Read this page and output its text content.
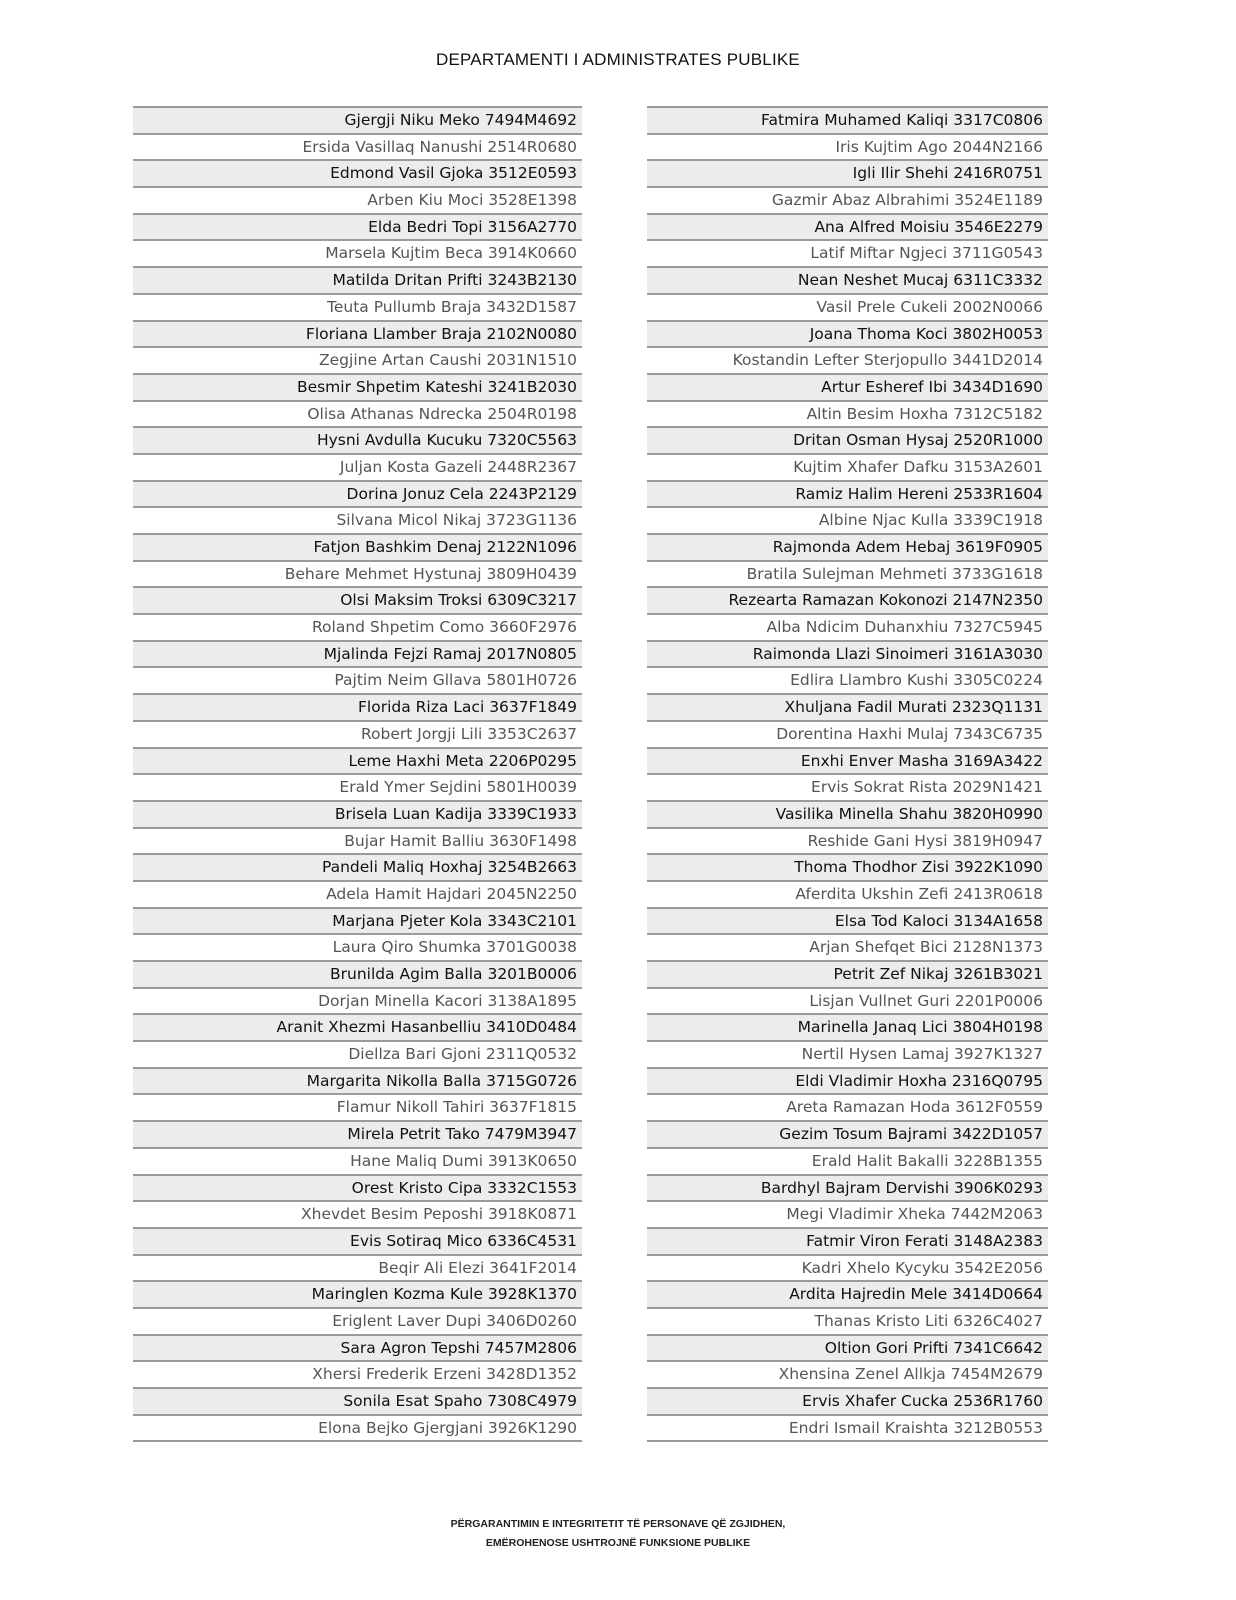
DEPARTAMENTI I ADMINISTRATES PUBLIKE
Gjergji Niku Meko 7494M4692
Ersida Vasillaq Nanushi 2514R0680
Edmond Vasil Gjoka 3512E0593
Arben Kiu Moci 3528E1398
Elda Bedri Topi 3156A2770
Marsela Kujtim Beca 3914K0660
Matilda Dritan Prifti 3243B2130
Teuta Pullumb Braja 3432D1587
Floriana Llamber Braja 2102N0080
Zegjine Artan Caushi 2031N1510
Besmir Shpetim Kateshi 3241B2030
Olisa Athanas Ndrecka 2504R0198
Hysni Avdulla Kucuku 7320C5563
Juljan Kosta Gazeli 2448R2367
Dorina Jonuz Cela 2243P2129
Silvana Micol Nikaj 3723G1136
Fatjon Bashkim Denaj 2122N1096
Behare Mehmet Hystunaj 3809H0439
Olsi Maksim Troksi 6309C3217
Roland Shpetim Como 3660F2976
Mjalinda Fejzi Ramaj 2017N0805
Pajtim Neim Gllava 5801H0726
Florida Riza Laci 3637F1849
Robert Jorgji Lili 3353C2637
Leme Haxhi Meta 2206P0295
Erald Ymer Sejdini 5801H0039
Brisela Luan Kadija 3339C1933
Bujar Hamit Balliu 3630F1498
Pandeli Maliq Hoxhaj 3254B2663
Adela Hamit Hajdari 2045N2250
Marjana Pjeter Kola 3343C2101
Laura Qiro Shumka 3701G0038
Brunilda Agim Balla 3201B0006
Dorjan Minella Kacori 3138A1895
Aranit Xhezmi Hasanbelliu 3410D0484
Diellza Bari Gjoni 2311Q0532
Margarita Nikolla Balla 3715G0726
Flamur Nikoll Tahiri 3637F1815
Mirela Petrit Tako 7479M3947
Hane Maliq Dumi 3913K0650
Orest Kristo Cipa 3332C1553
Xhevdet Besim Peposhi 3918K0871
Evis Sotiraq Mico 6336C4531
Beqir Ali Elezi 3641F2014
Maringlen Kozma Kule 3928K1370
Eriglent Laver Dupi 3406D0260
Sara Agron Tepshi 7457M2806
Xhersi Frederik Erzeni 3428D1352
Sonila Esat Spaho 7308C4979
Elona Bejko Gjergjani 3926K1290
Fatmira Muhamed Kaliqi 3317C0806
Iris Kujtim Ago 2044N2166
Igli Ilir Shehi 2416R0751
Gazmir Abaz Albrahimi 3524E1189
Ana Alfred Moisiu 3546E2279
Latif Miftar Ngjeci 3711G0543
Nean Neshet Mucaj 6311C3332
Vasil Prele Cukeli 2002N0066
Joana Thoma Koci 3802H0053
Kostandin Lefter Sterjopullo 3441D2014
Artur Esheref Ibi 3434D1690
Altin Besim Hoxha 7312C5182
Dritan Osman Hysaj 2520R1000
Kujtim Xhafer Dafku 3153A2601
Ramiz Halim Hereni 2533R1604
Albine Njac Kulla 3339C1918
Rajmonda Adem Hebaj 3619F0905
Bratila Sulejman Mehmeti 3733G1618
Rezearta Ramazan Kokonozi 2147N2350
Alba Ndicim Duhanxhiu 7327C5945
Raimonda Llazi Sinoimeri 3161A3030
Edlira Llambro Kushi 3305C0224
Xhuljana Fadil Murati 2323Q1131
Dorentina Haxhi Mulaj 7343C6735
Enxhi Enver Masha 3169A3422
Ervis Sokrat Rista 2029N1421
Vasilika Minella Shahu 3820H0990
Reshide Gani Hysi 3819H0947
Thoma Thodhor Zisi 3922K1090
Aferdita Ukshin Zefi 2413R0618
Elsa Tod Kaloci 3134A1658
Arjan Shefqet Bici 2128N1373
Petrit Zef Nikaj 3261B3021
Lisjan Vullnet Guri 2201P0006
Marinella Janaq Lici 3804H0198
Nertil Hysen Lamaj 3927K1327
Eldi Vladimir Hoxha 2316Q0795
Areta Ramazan Hoda 3612F0559
Gezim Tosum Bajrami 3422D1057
Erald Halit Bakalli 3228B1355
Bardhyl Bajram Dervishi 3906K0293
Megi Vladimir Xheka 7442M2063
Fatmir Viron Ferati 3148A2383
Kadri Xhelo Kycyku 3542E2056
Ardita Hajredin Mele 3414D0664
Thanas Kristo Liti 6326C4027
Oltion Gori Prifti 7341C6642
Xhensina Zenel Allkja 7454M2679
Ervis Xhafer Cucka 2536R1760
Endri Ismail Kraishta 3212B0553
PËRGARANTIMIN E INTEGRITETIT TË PERSONAVE QË ZGJIDHEN,
EMËROHENOSE USHTROJNË FUNKSIONE PUBLIKE
